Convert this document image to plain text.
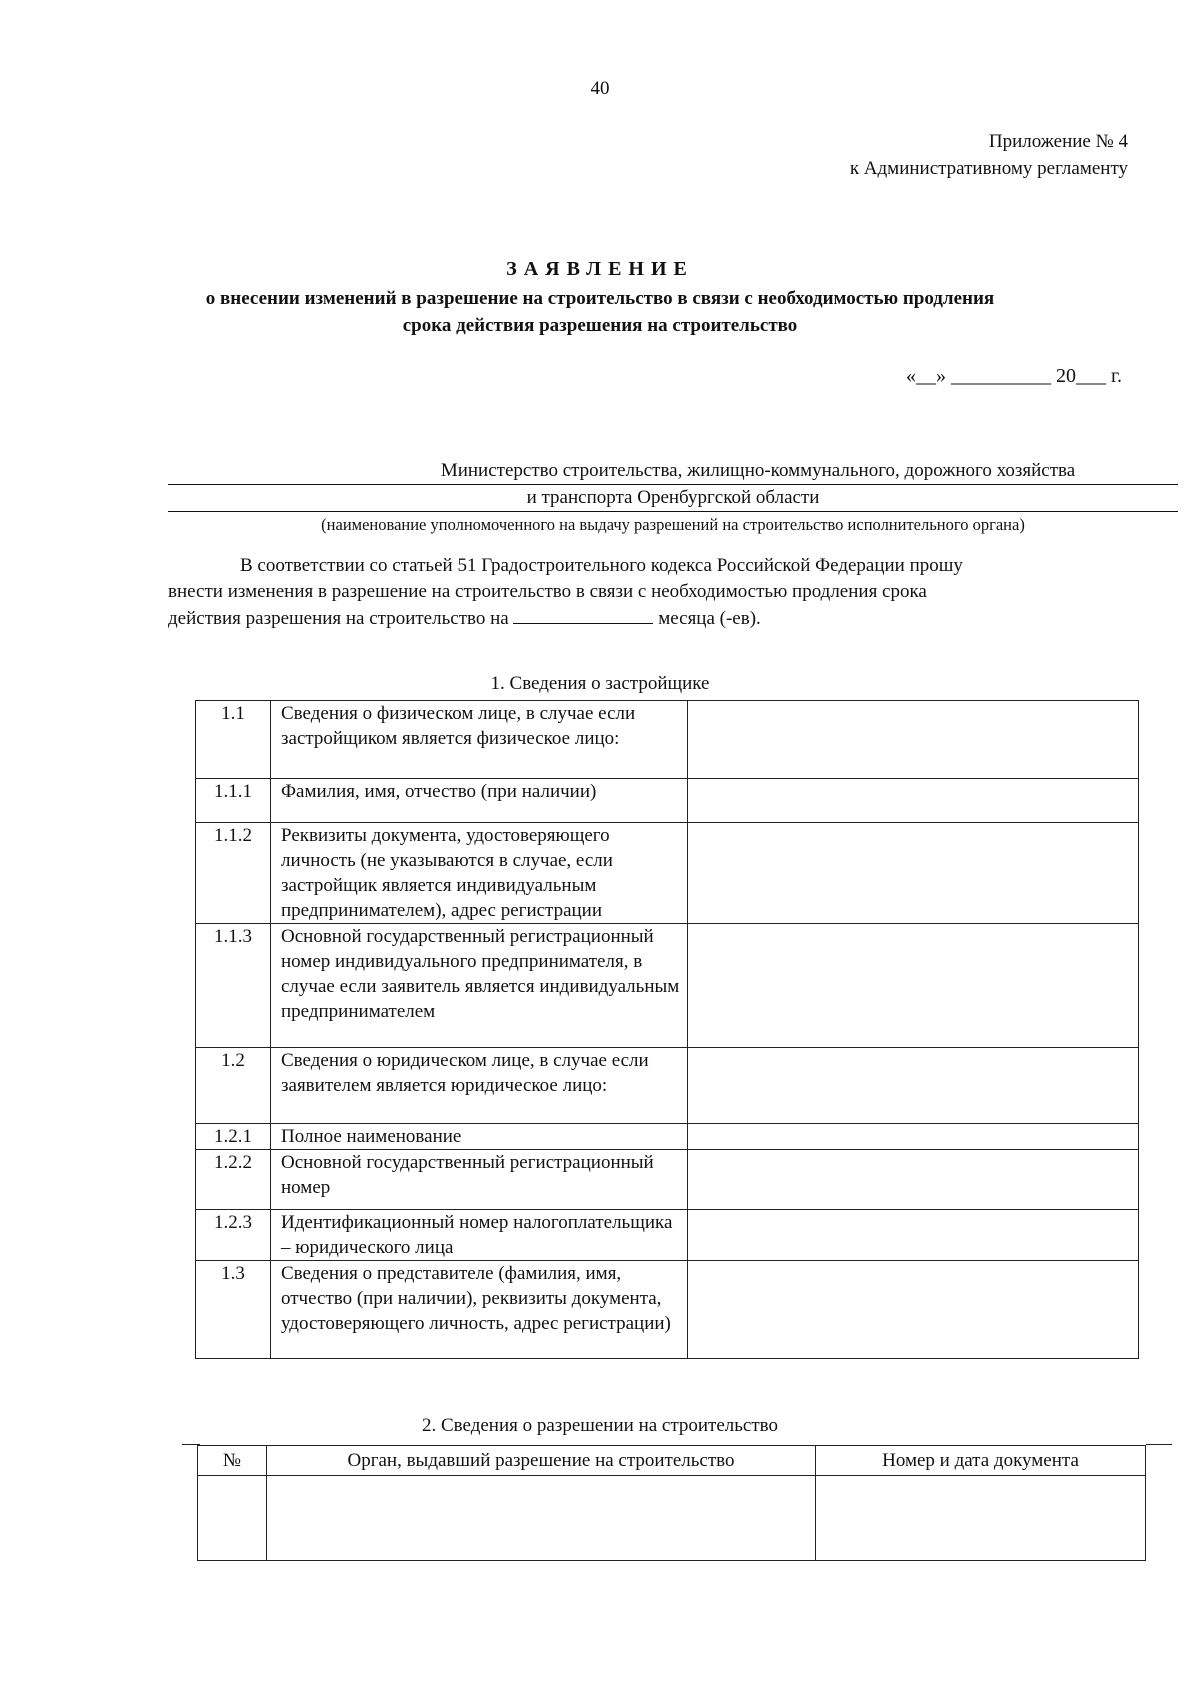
40
Приложение № 4
к Административному регламенту
ЗАЯВЛЕНИЕ
о внесении изменений в разрешение на строительство в связи с необходимостью продления
срока действия разрешения на строительство
«__» __________ 20___ г.
Министерство строительства, жилищно-коммунального, дорожного хозяйства
и транспорта Оренбургской области
(наименование уполномоченного на выдачу разрешений на строительство исполнительного органа)
В соответствии со статьей 51 Градостроительного кодекса Российской Федерации прошу
внести изменения в разрешение на строительство в связи с необходимостью продления срока
действия разрешения на строительство на	месяца (-ев).
1. Сведения о застройщике
1.1	Сведения о физическом лице, в случае если застройщиком является физическое лицо:	
1.1.1	Фамилия, имя, отчество (при наличии)	
1.1.2	Реквизиты документа, удостоверяющего личность (не указываются в случае, если застройщик является индивидуальным предпринимателем), адрес регистрации	
1.1.3	Основной государственный регистрационный номер индивидуального предпринимателя, в случае если заявитель является индивидуальным предпринимателем	
1.2	Сведения о юридическом лице, в случае если заявителем является юридическое лицо:	
1.2.1	Полное наименование	
1.2.2	Основной государственный регистрационный номер	
1.2.3	Идентификационный номер налогоплательщика – юридического лица	
1.3	Сведения о представителе (фамилия, имя, отчество (при наличии), реквизиты документа, удостоверяющего личность, адрес регистрации)	
2. Сведения о разрешении на строительство
№	Орган, выдавший разрешение на строительство	Номер и дата документа
